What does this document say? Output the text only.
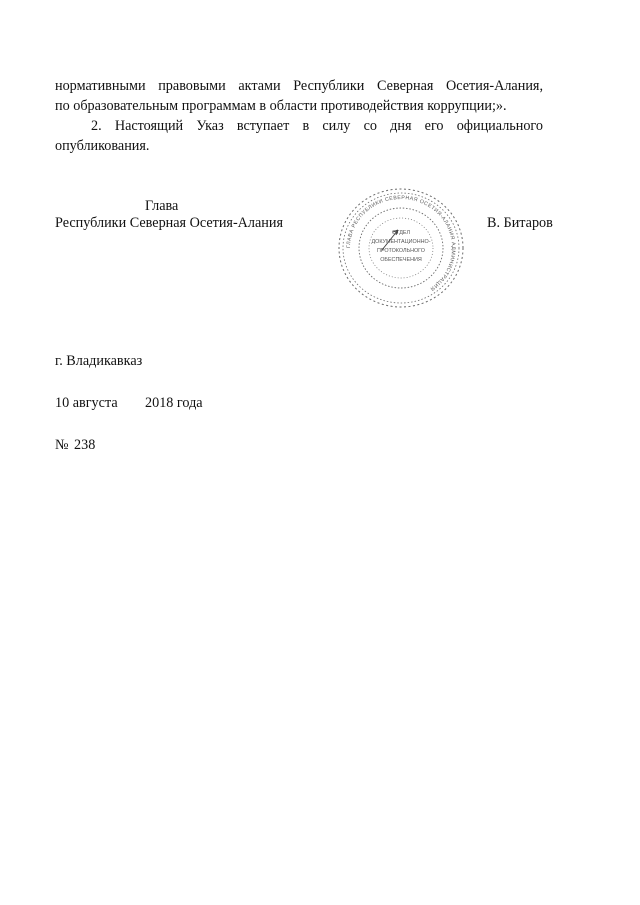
нормативными правовыми актами Республики Северная Осетия-Алания,
по образовательным программам в области противодействия коррупции;».
2. Настоящий Указ вступает в силу со дня его официального
опубликования.
Глава
Республики Северная Осетия-Алания	В. Битаров
ГЛАВА РЕСПУБЛИКИ СЕВЕРНАЯ ОСЕТИЯ-АЛАНИЯ АДМИНИСТРАЦИЯ
ОТДЕЛ
ДОКУМЕНТАЦИОННО-
ПРОТОКОЛЬНОГО
ОБЕСПЕЧЕНИЯ
г. Владикавказ
10 августа 2018 года
№ 238
